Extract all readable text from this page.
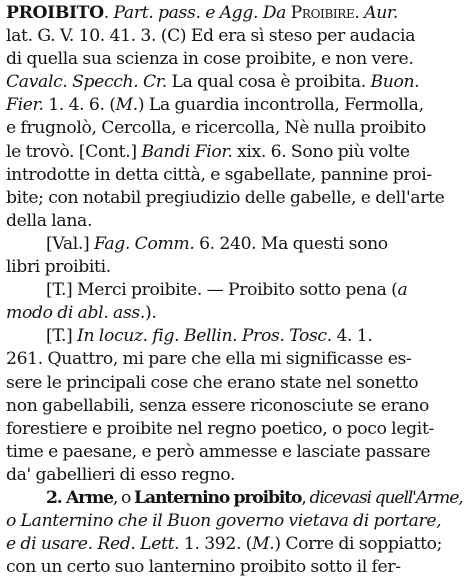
PROIBITO. Part. pass. e Agg. Da Proibire. Aur.
lat. G. V. 10. 41. 3. (C) Ed era sì steso per audacia
di quella sua scienza in cose proibite, e non vere.
Cavalc. Specch. Cr. La qual cosa è proibita. Buon.
Fier. 1. 4. 6. (M.) La guardia incontrolla, Fermolla,
e frugnolò, Cercolla, e ricercolla, Nè nulla proibito
le trovò. [Cont.] Bandi Fior. xix. 6. Sono più volte
introdotte in detta città, e sgabellate, pannine proi-
bite; con notabil pregiudizio delle gabelle, e dell'arte
della lana.
[Val.] Fag. Comm. 6. 240. Ma questi sono
libri proibiti.
[T.] Merci proibite. — Proibito sotto pena (a
modo di abl. ass.).
[T.] In locuz. fig. Bellin. Pros. Tosc. 4. 1.
261. Quattro, mi pare che ella mi significasse es-
sere le principali cose che erano state nel sonetto
non gabellabili, senza essere riconosciute se erano
forestiere e proibite nel regno poetico, o poco legit-
time e paesane, e però ammesse e lasciate passare
da' gabellieri di esso regno.
2. Arme, o Lanternino proibito, dicevasi quell'Arme,
o Lanternino che il Buon governo vietava di portare,
e di usare. Red. Lett. 1. 392. (M.) Corre di soppiatto;
con un certo suo lanternino proibito sotto il fer-
